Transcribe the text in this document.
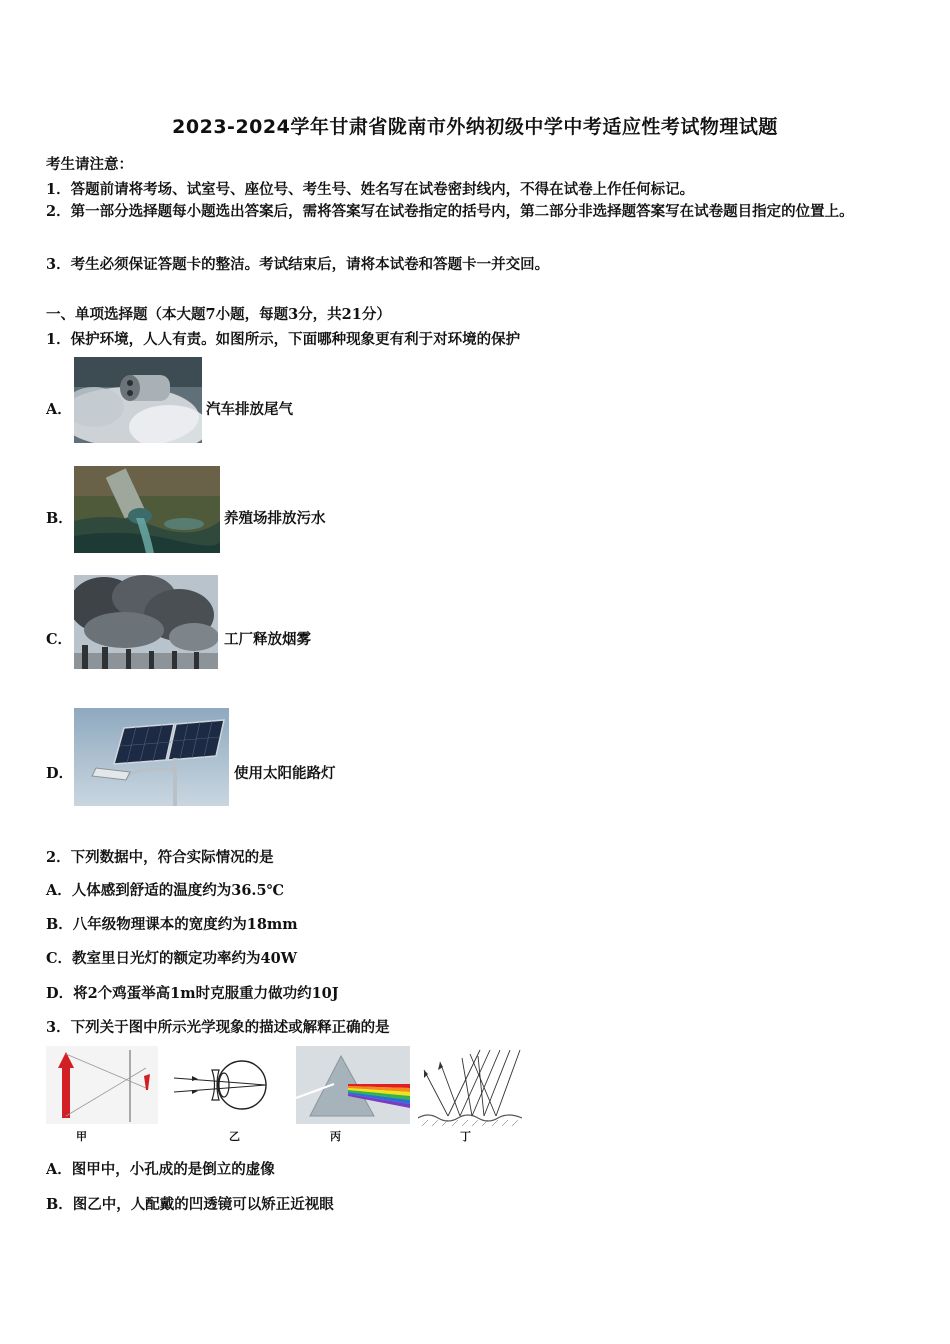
2023-2024学年甘肃省陇南市外纳初级中学中考适应性考试物理试题
考生请注意：
1．答题前请将考场、试室号、座位号、考生号、姓名写在试卷密封线内，不得在试卷上作任何标记。
2．第一部分选择题每小题选出答案后，需将答案写在试卷指定的括号内，第二部分非选择题答案写在试卷题目指定的位置上。
3．考生必须保证答题卡的整洁。考试结束后，请将本试卷和答题卡一并交回。
一、单项选择题（本大题7小题，每题3分，共21分）
1．保护环境，人人有责。如图所示，下面哪种现象更有利于对环境的保护
A．	汽车排放尾气
B．	养殖场排放污水
C．	工厂释放烟雾
D．	使用太阳能路灯
2．下列数据中，符合实际情况的是
A．人体感到舒适的温度约为36.5℃
B．八年级物理课本的宽度约为18mm
C．教室里日光灯的额定功率约为40W
D．将2个鸡蛋举高1m时克服重力做功约10J
3．下列关于图中所示光学现象的描述或解释正确的是
甲	乙	丙	丁
A．图甲中，小孔成的是倒立的虚像
B．图乙中，人配戴的凹透镜可以矫正近视眼
